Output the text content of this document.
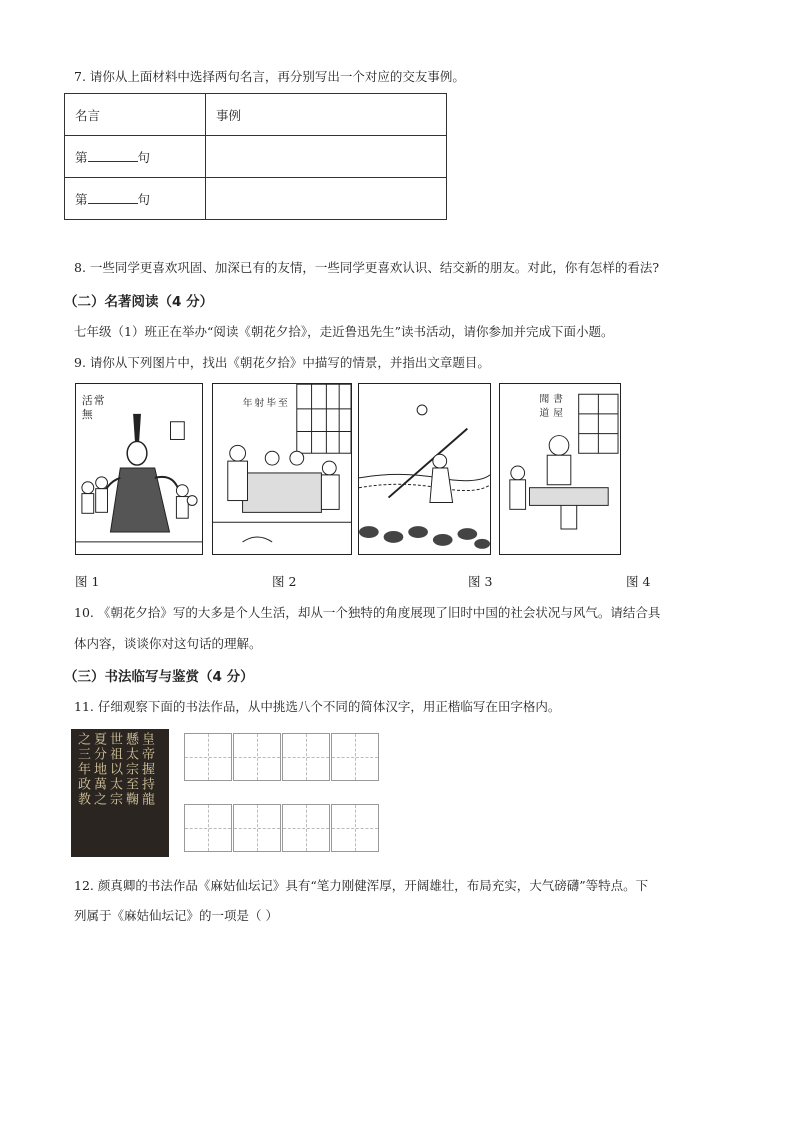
7. 请你从上面材料中选择两句名言，再分别写出一个对应的交友事例。
名言	事例
第 句	
第 句	
8. 一些同学更喜欢巩固、加深已有的友情，一些同学更喜欢认识、结交新的朋友。对此，你有怎样的看法?
（二）名著阅读（4 分）
七年级（1）班正在举办“阅读《朝花夕拾》，走近鲁迅先生”读书活动，请你参加并完成下面小题。
9. 请你从下列图片中，找出《朝花夕拾》中描写的情景，并指出文章题目。
活
無
常	年 射 毕 至	聞
道
書
屋
图 1	图 2	图 3	图 4
10. 《朝花夕拾》写的大多是个人生活，却从一个独特的角度展现了旧时中国的社会状况与风气。请结合具
体内容，谈谈你对这句话的理解。
（三）书法临写与鉴赏（4 分）
11. 仔细观察下面的书法作品，从中挑选八个不同的简体汉字，用正楷临写在田字格内。
皇帝握持龍
懸太宗至鞠
世祖以太宗
夏分地萬之
之三年政教
12. 颜真卿的书法作品《麻姑仙坛记》具有“笔力刚健浑厚，开阔雄壮，布局充实，大气磅礴”等特点。下
列属于《麻姑仙坛记》的一项是（ ）
